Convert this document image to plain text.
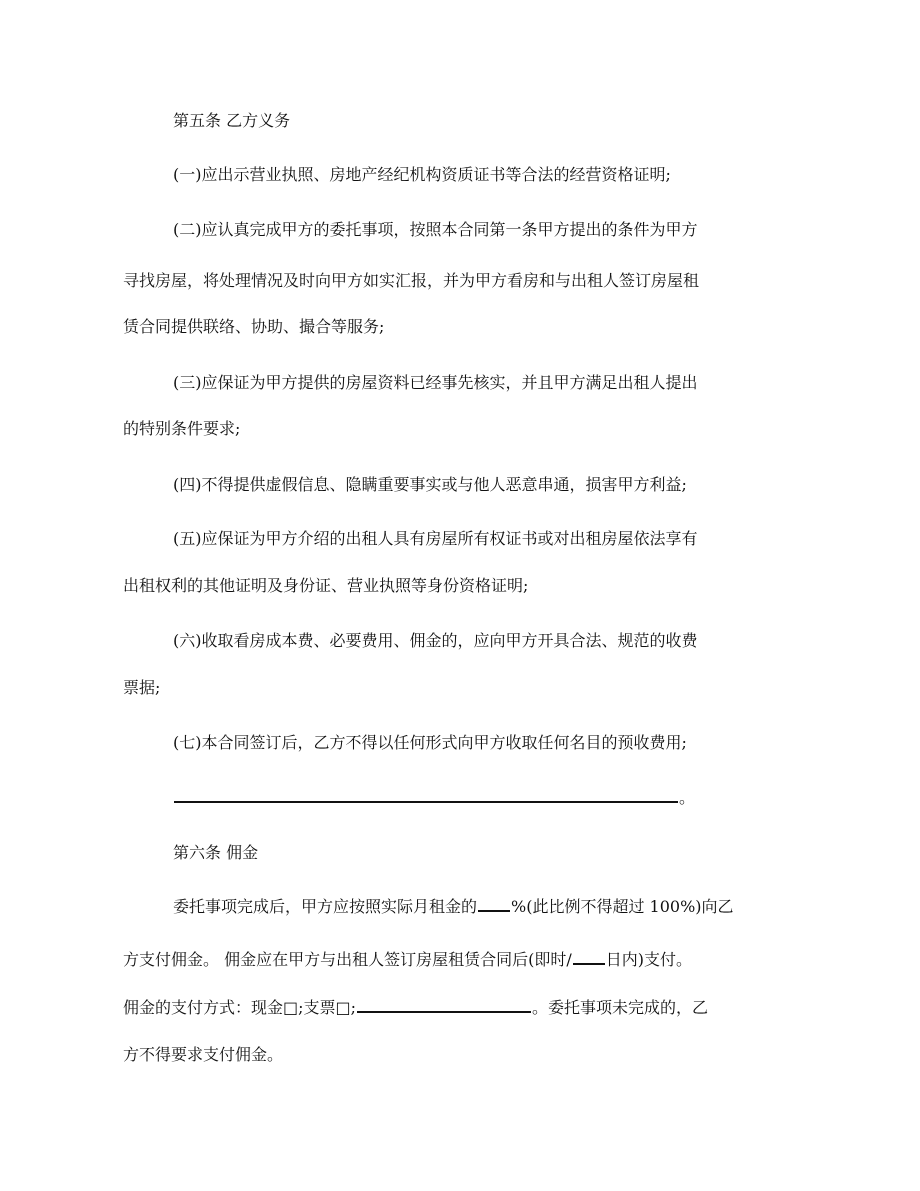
第五条 乙方义务
(一)应出示营业执照、房地产经纪机构资质证书等合法的经营资格证明;
(二)应认真完成甲方的委托事项，按照本合同第一条甲方提出的条件为甲方
寻找房屋，将处理情况及时向甲方如实汇报，并为甲方看房和与出租人签订房屋租
赁合同提供联络、协助、撮合等服务;
(三)应保证为甲方提供的房屋资料已经事先核实，并且甲方满足出租人提出
的特别条件要求;
(四)不得提供虚假信息、隐瞒重要事实或与他人恶意串通，损害甲方利益;
(五)应保证为甲方介绍的出租人具有房屋所有权证书或对出租房屋依法享有
出租权利的其他证明及身份证、营业执照等身份资格证明;
(六)收取看房成本费、必要费用、佣金的，应向甲方开具合法、规范的收费
票据;
(七)本合同签订后，乙方不得以任何形式向甲方收取任何名目的预收费用;
。
第六条 佣金
委托事项完成后，甲方应按照实际月租金的 %(此比例不得超过 100%)向乙
方支付佣金。 佣金应在甲方与出租人签订房屋租赁合同后(即时/ 日内)支付。
佣金的支付方式：现金□;支票□;	。委托事项未完成的，乙
方不得要求支付佣金。
